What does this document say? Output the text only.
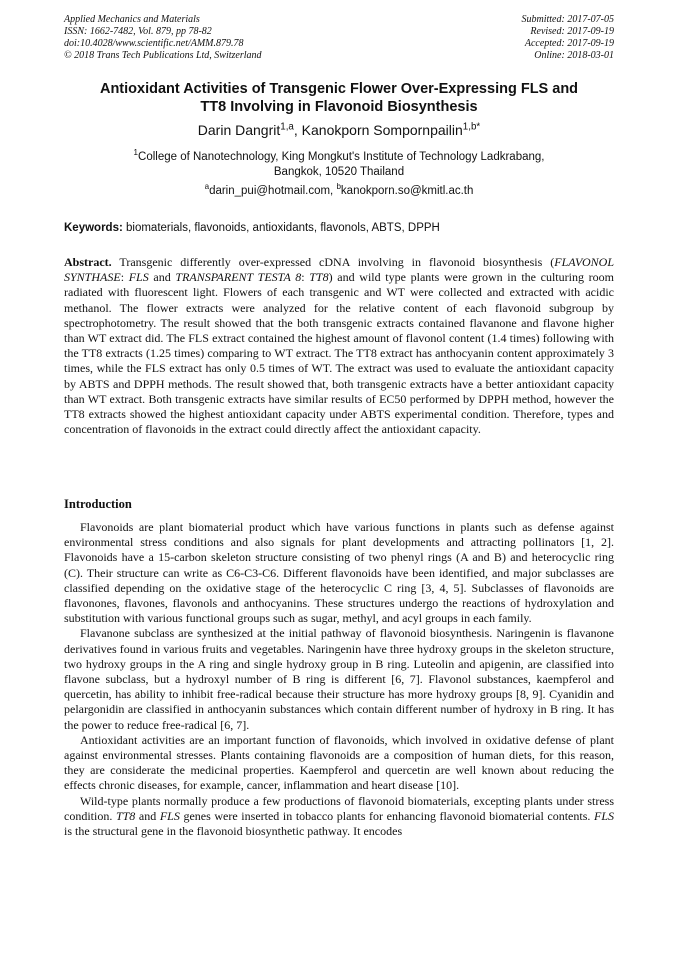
Applied Mechanics and Materials
ISSN: 1662-7482, Vol. 879, pp 78-82
doi:10.4028/www.scientific.net/AMM.879.78
© 2018 Trans Tech Publications Ltd, Switzerland
Submitted: 2017-07-05
Revised: 2017-09-19
Accepted: 2017-09-19
Online: 2018-03-01
Antioxidant Activities of Transgenic Flower Over-Expressing FLS and
TT8 Involving in Flavonoid Biosynthesis
Darin Dangrit$^{1,a}$, Kanokporn Sompornpailin$^{1,b*}$
$^1$College of Nanotechnology, King Mongkut's Institute of Technology Ladkrabang,
Bangkok, 10520 Thailand
$^a$darin_pui@hotmail.com, $^b$kanokporn.so@kmitl.ac.th
Keywords: biomaterials, flavonoids, antioxidants, flavonols, ABTS, DPPH

Abstract. Transgenic differently over-expressed cDNA involving in flavonoid biosynthesis (FLAVONOL SYNTHASE: FLS and TRANSPARENT TESTA 8: TT8) and wild type plants were grown in the culturing room radiated with fluorescent light. Flowers of each transgenic and WT were collected and extracted with acidic methanol. The flower extracts were analyzed for the relative content of each flavonoid subgroup by spectrophotometry. The result showed that the both transgenic extracts contained flavanone and flavone higher than WT extract did. The FLS extract contained the highest amount of flavonol content (1.4 times) following with the TT8 extracts (1.25 times) comparing to WT extract. The TT8 extract has anthocyanin content approximately 3 times, while the FLS extract has only 0.5 times of WT. The extract was used to evaluate the antioxidant capacity by ABTS and DPPH methods. The result showed that, both transgenic extracts have a better antioxidant capacity than WT extract. Both transgenic extracts have similar results of EC50 performed by DPPH method, however the TT8 extracts showed the highest antioxidant capacity under ABTS experimental condition. Therefore, types and concentration of flavonoids in the extract could directly affect the antioxidant capacity.

Introduction

Flavonoids are plant biomaterial product which have various functions in plants such as defense against environmental stress conditions and also signals for plant developments and attracting pollinators [1, 2]. Flavonoids have a 15-carbon skeleton structure consisting of two phenyl rings (A and B) and heterocyclic ring (C). Their structure can write as C6-C3-C6. Different flavonoids have been identified, and major subclasses are classified depending on the oxidative stage of the heterocyclic C ring [3, 4, 5]. Subclasses of flavonoids are flavonones, flavones, flavonols and anthocyanins. These structures undergo the reactions of hydroxylation and substitution with various functional groups such as sugar, methyl, and acyl groups in each family.

Flavanone subclass are synthesized at the initial pathway of flavonoid biosynthesis. Naringenin is flavanone derivatives found in various fruits and vegetables. Naringenin have three hydroxy groups in the skeleton structure, two hydroxy groups in the A ring and single hydroxy group in B ring. Luteolin and apigenin, are classified into flavone subclass, but a hydroxyl number of B ring is different [6, 7]. Flavonol substances, kaempferol and quercetin, has ability to inhibit free-radical because their structure has more hydroxy groups [8, 9]. Cyanidin and pelargonidin are classified in anthocyanin substances which contain different number of hydroxy in B ring. It has the power to reduce free-radical [6, 7].

Antioxidant activities are an important function of flavonoids, which involved in oxidative defense of plant against environmental stresses. Plants containing flavonoids are a composition of human diets, for this reason, they are considerate the medicinal properties. Kaempferol and quercetin are well known about reducing the effects chronic diseases, for example, cancer, inflammation and heart disease [10].

Wild-type plants normally produce a few productions of flavonoid biomaterials, excepting plants under stress condition. TT8 and FLS genes were inserted in tobacco plants for enhancing flavonoid biomaterial contents. FLS is the structural gene in the flavonoid biosynthetic pathway. It encodes
